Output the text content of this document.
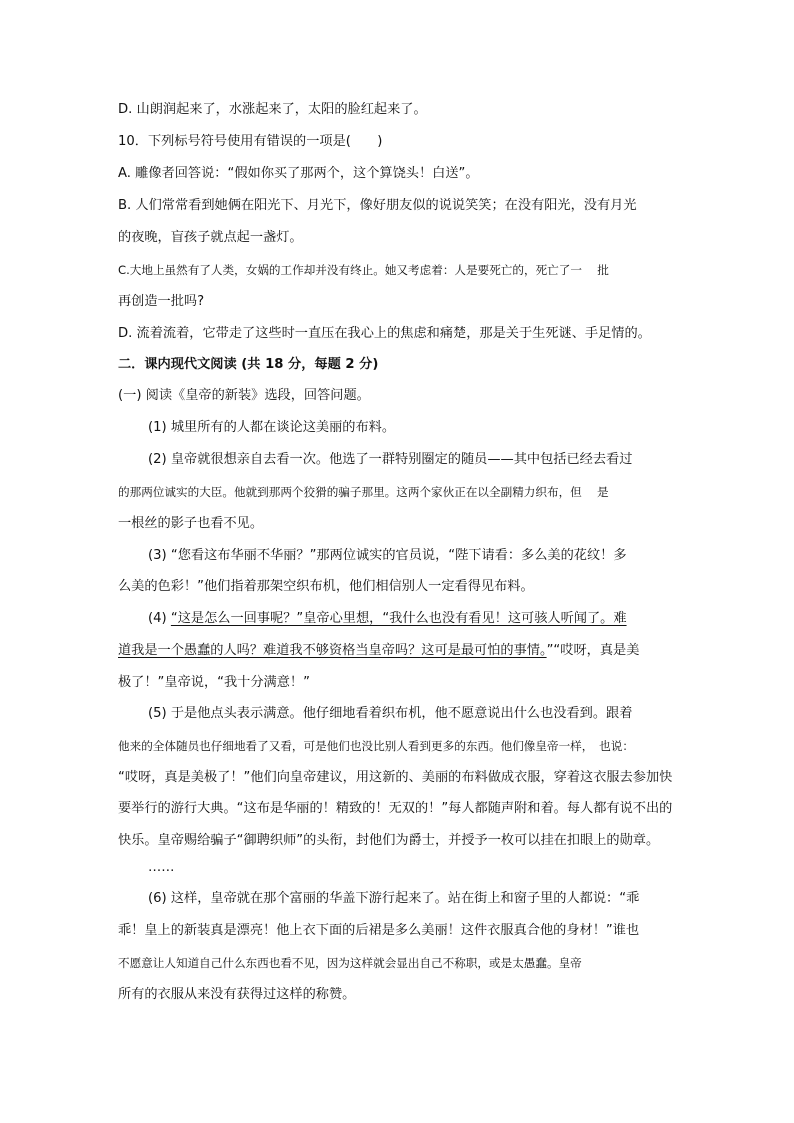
D. 山朗润起来了，水涨起来了，太阳的脸红起来了。
10．下列标号符号使用有错误的一项是(　　)
A. 雕像者回答说：“假如你买了那两个，这个算饶头！白送”。
B. 人们常常看到她俩在阳光下、月光下，像好朋友似的说说笑笑；在没有阳光，没有月光
的夜晚，盲孩子就点起一盏灯。
C.大地上虽然有了人类，女娲的工作却并没有终止。她又考虑着：人是要死亡的，死亡了一　 批
再创造一批吗?
D. 流着流着，它带走了这些时一直压在我心上的焦虑和痛楚，那是关于生死谜、手足情的。
二．课内现代文阅读 (共 18 分，每题 2 分)
(一) 阅读《皇帝的新装》选段，回答问题。
(1) 城里所有的人都在谈论这美丽的布料。
(2) 皇帝就很想亲自去看一次。他选了一群特别圈定的随员——其中包括已经去看过
的那两位诚实的大臣。他就到那两个狡猾的骗子那里。这两个家伙正在以全副精力织布，但　 是
一根丝的影子也看不见。
(3) “您看这布华丽不华丽？”那两位诚实的官员说，“陛下请看：多么美的花纹！多
么美的色彩！”他们指着那架空织布机，他们相信别人一定看得见布料。
(4) “这是怎么一回事呢？”皇帝心里想，“我什么也没有看见！这可骇人听闻了。难
道我是一个愚蠢的人吗？难道我不够资格当皇帝吗？这可是最可怕的事情。”“哎呀，真是美
极了！”皇帝说，“我十分满意！”
(5) 于是他点头表示满意。他仔细地看着织布机，他不愿意说出什么也没看到。跟着
他来的全体随员也仔细地看了又看，可是他们也没比别人看到更多的东西。他们像皇帝一样，　也说：
“哎呀，真是美极了！”他们向皇帝建议，用这新的、美丽的布料做成衣服，穿着这衣服去参加快
要举行的游行大典。“这布是华丽的！精致的！无双的！”每人都随声附和着。每人都有说不出的
快乐。皇帝赐给骗子“御聘织师”的头衔，封他们为爵士，并授予一枚可以挂在扣眼上的勋章。
……
(6) 这样，皇帝就在那个富丽的华盖下游行起来了。站在街上和窗子里的人都说：“乖
乖！皇上的新装真是漂亮！他上衣下面的后裙是多么美丽！这件衣服真合他的身材！”谁也
不愿意让人知道自己什么东西也看不见，因为这样就会显出自己不称职，或是太愚蠢。皇帝
所有的衣服从来没有获得过这样的称赞。
